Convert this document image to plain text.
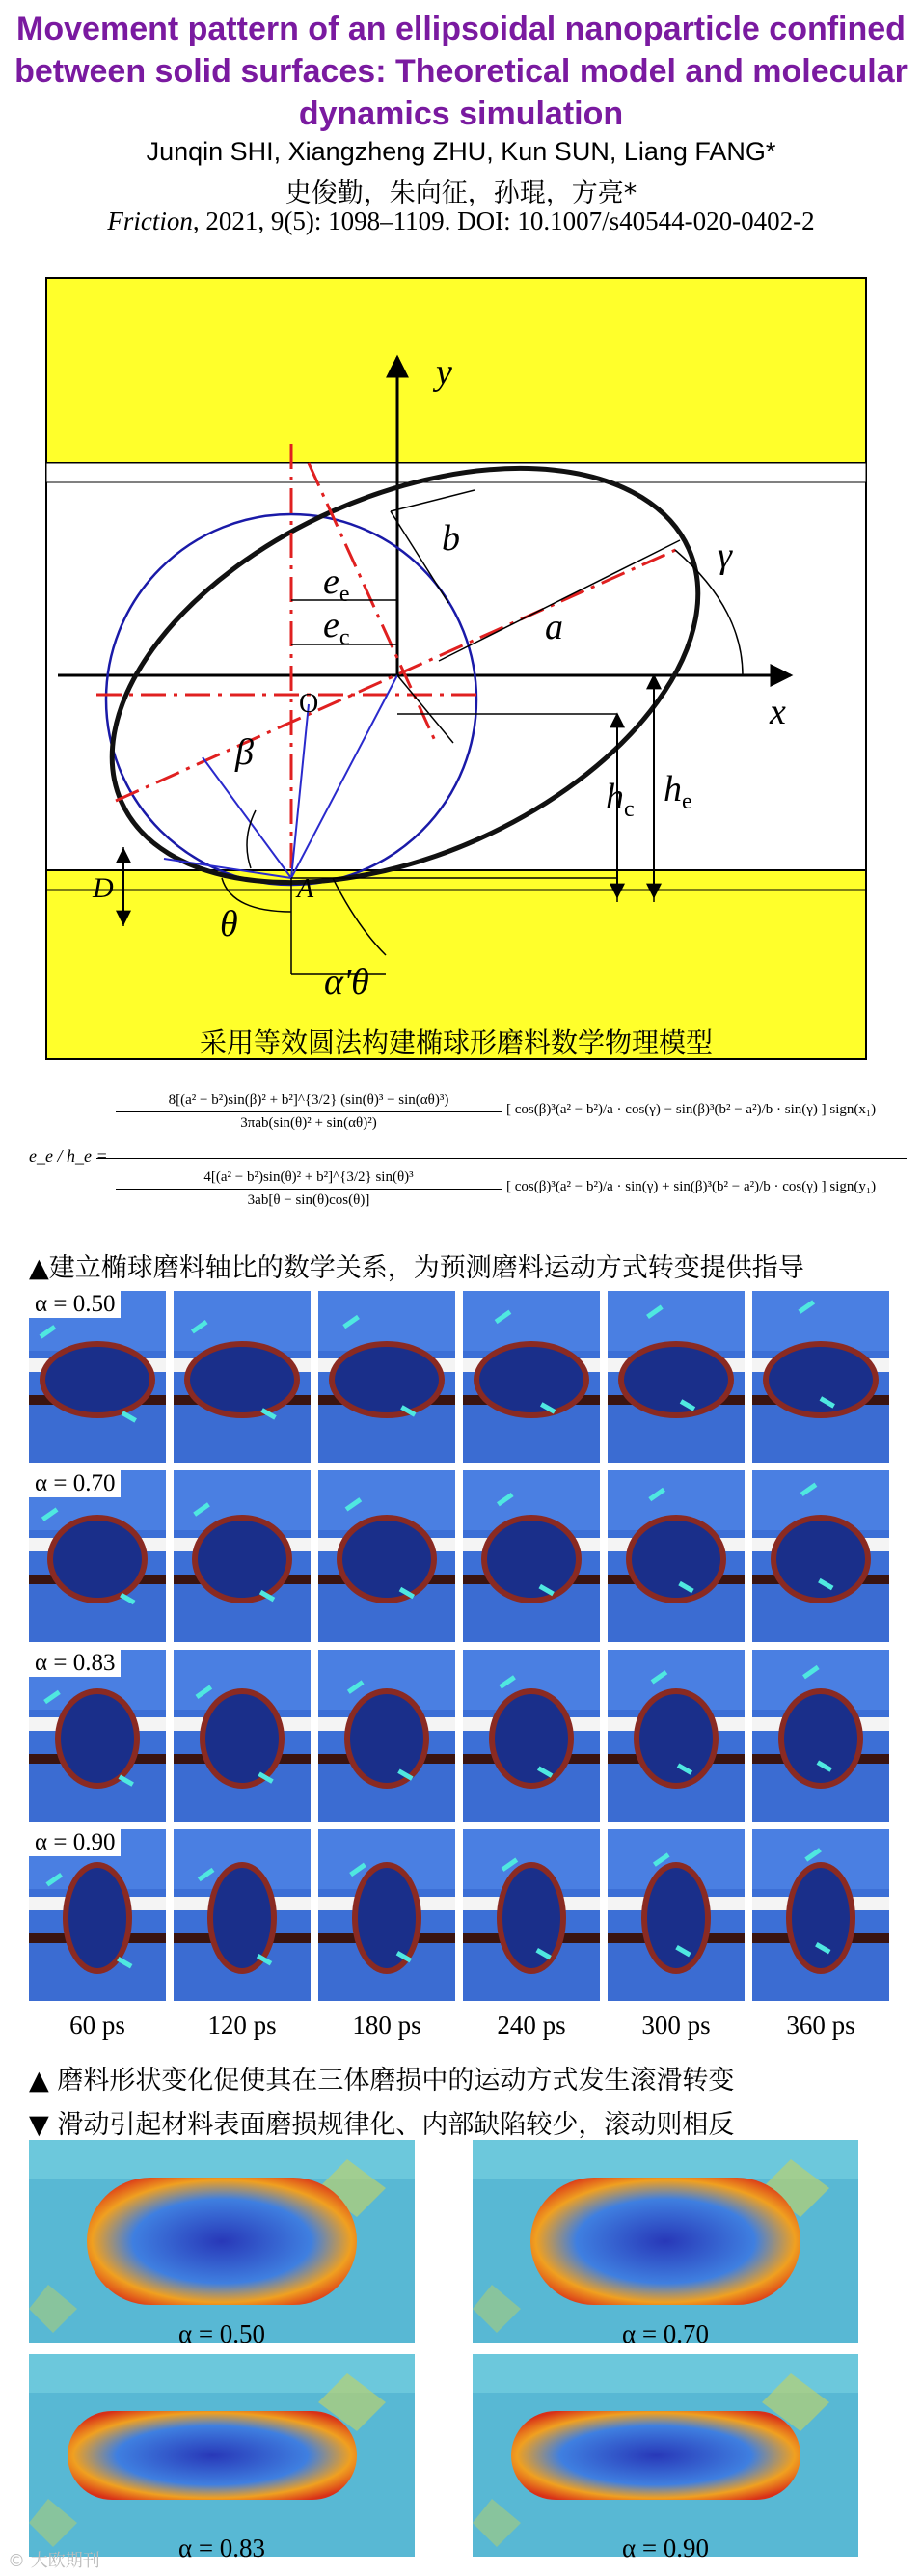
Movement pattern of an ellipsoidal nanoparticle confined between solid surfaces: Theoretical model and molecular dynamics simulation
Junqin SHI, Xiangzheng ZHU, Kun SUN, Liang FANG*
史俊勤，朱向征，孙琨，方亮*
Friction, 2021, 9(5): 1098–1109. DOI: 10.1007/s40544-020-0402-2
y
x
b
a
γ
$e_e$
$e_c$
β
θ
α'θ
$h_c$ $h_e$
D
O
A
采用等效圆法构建椭球形磨料数学物理模型
e_e / h_e =
8[(a² − b²)sin(β)² + b²]^{3/2} (sin(θ)³ − sin(αθ)³)
3πab(sin(θ)² + sin(αθ)²)
[ cos(β)³(a² − b²)/a · cos(γ) − sin(β)³(b² − a²)/b · sin(γ) ] sign(x₁)
4[(a² − b²)sin(θ)² + b²]^{3/2} sin(θ)³
3ab[θ − sin(θ)cos(θ)]
[ cos(β)³(a² − b²)/a · sin(γ) + sin(β)³(b² − a²)/b · cos(γ) ] sign(y₁)
▲建立椭球磨料轴比的数学关系，为预测磨料运动方式转变提供指导
α = 0.50
α = 0.70
α = 0.83
α = 0.90
60 ps	120 ps	180 ps	240 ps	300 ps	360 ps
▲ 磨料形状变化促使其在三体磨损中的运动方式发生滚滑转变
▼ 滑动引起材料表面磨损规律化、内部缺陷较少，滚动则相反
α = 0.50	α = 0.70
α = 0.83	α = 0.90
© 大欧期刊
